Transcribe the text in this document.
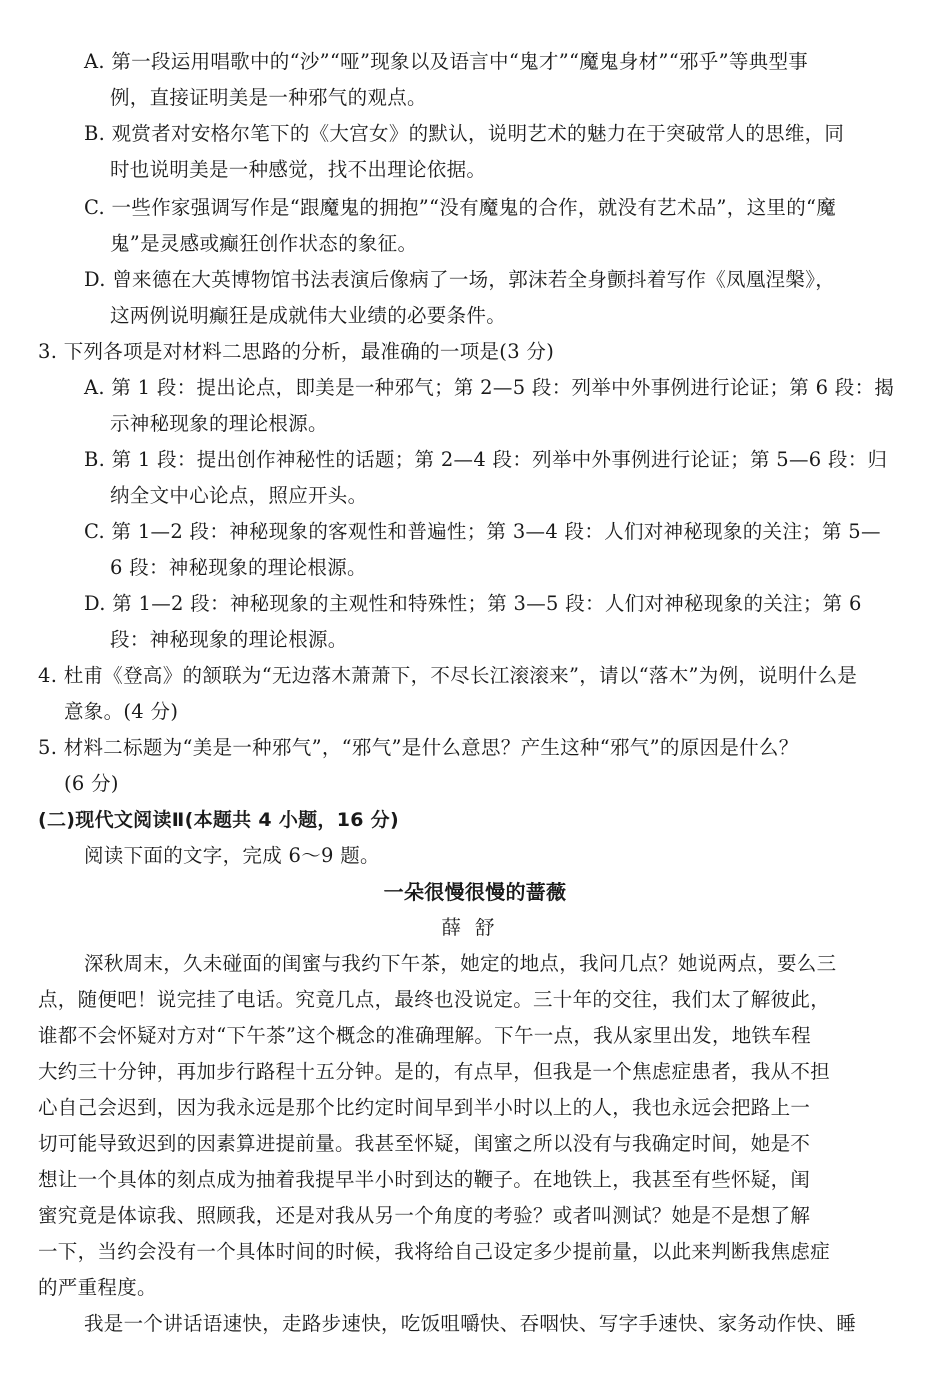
A. 第一段运用唱歌中的“沙”“哑”现象以及语言中“鬼才”“魔鬼身材”“邪乎”等典型事
例，直接证明美是一种邪气的观点。
B. 观赏者对安格尔笔下的《大宫女》的默认，说明艺术的魅力在于突破常人的思维，同
时也说明美是一种感觉，找不出理论依据。
C. 一些作家强调写作是“跟魔鬼的拥抱”“没有魔鬼的合作，就没有艺术品”，这里的“魔
鬼”是灵感或癫狂创作状态的象征。
D. 曾来德在大英博物馆书法表演后像病了一场，郭沫若全身颤抖着写作《凤凰涅槃》，
这两例说明癫狂是成就伟大业绩的必要条件。
3. 下列各项是对材料二思路的分析，最准确的一项是(3 分)
A. 第 1 段：提出论点，即美是一种邪气；第 2—5 段：列举中外事例进行论证；第 6 段：揭
示神秘现象的理论根源。
B. 第 1 段：提出创作神秘性的话题；第 2—4 段：列举中外事例进行论证；第 5—6 段：归
纳全文中心论点，照应开头。
C. 第 1—2 段：神秘现象的客观性和普遍性；第 3—4 段：人们对神秘现象的关注；第 5—
6 段：神秘现象的理论根源。
D. 第 1—2 段：神秘现象的主观性和特殊性；第 3—5 段：人们对神秘现象的关注；第 6
段：神秘现象的理论根源。
4. 杜甫《登高》的颔联为“无边落木萧萧下，不尽长江滚滚来”，请以“落木”为例，说明什么是
意象。(4 分)
5. 材料二标题为“美是一种邪气”，“邪气”是什么意思？产生这种“邪气”的原因是什么？
(6 分)
(二)现代文阅读Ⅱ(本题共 4 小题，16 分)
阅读下面的文字，完成 6～9 题。
一朵很慢很慢的蔷薇
薛舒
深秋周末，久未碰面的闺蜜与我约下午茶，她定的地点，我问几点？她说两点，要么三
点，随便吧！说完挂了电话。究竟几点，最终也没说定。三十年的交往，我们太了解彼此，
谁都不会怀疑对方对“下午茶”这个概念的准确理解。下午一点，我从家里出发，地铁车程
大约三十分钟，再加步行路程十五分钟。是的，有点早，但我是一个焦虑症患者，我从不担
心自己会迟到，因为我永远是那个比约定时间早到半小时以上的人，我也永远会把路上一
切可能导致迟到的因素算进提前量。我甚至怀疑，闺蜜之所以没有与我确定时间，她是不
想让一个具体的刻点成为抽着我提早半小时到达的鞭子。在地铁上，我甚至有些怀疑，闺
蜜究竟是体谅我、照顾我，还是对我从另一个角度的考验？或者叫测试？她是不是想了解
一下，当约会没有一个具体时间的时候，我将给自己设定多少提前量，以此来判断我焦虑症
的严重程度。
我是一个讲话语速快，走路步速快，吃饭咀嚼快、吞咽快、写字手速快、家务动作快、睡
